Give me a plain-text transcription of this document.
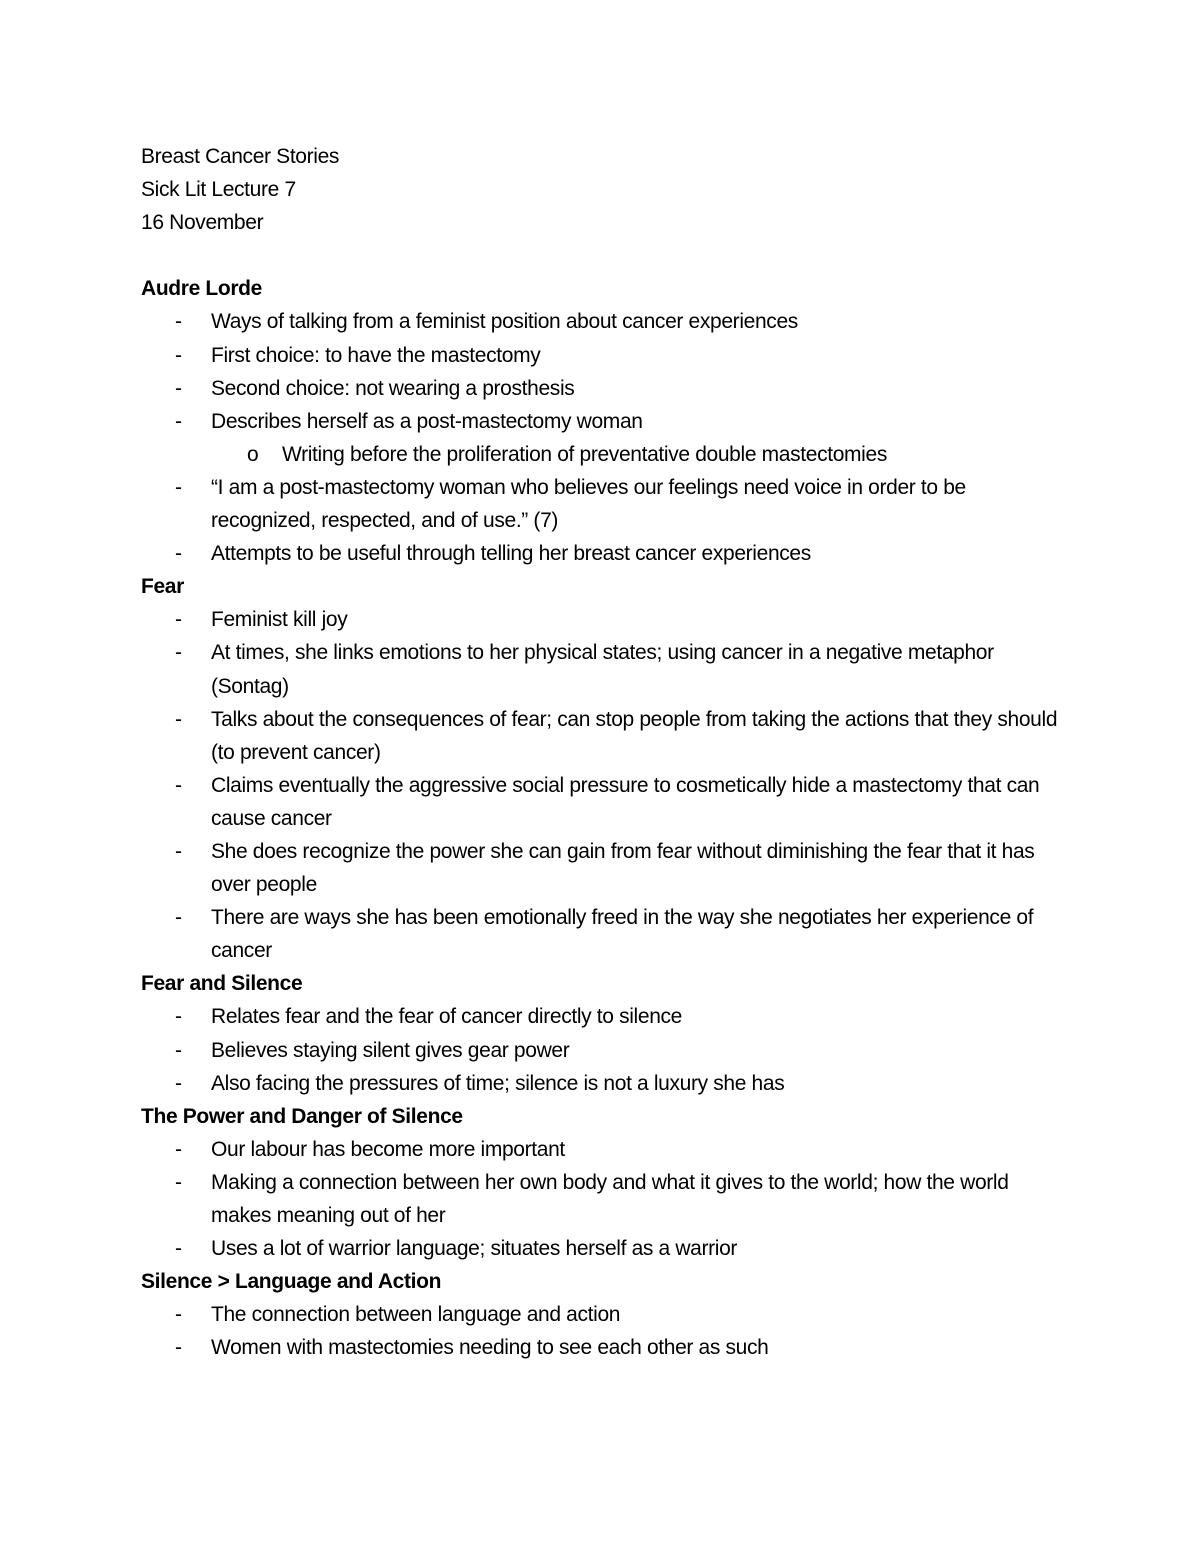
Breast Cancer Stories

Sick Lit Lecture 7

16 November

Audre Lorde

- Ways of talking from a feminist position about cancer experiences
- First choice: to have the mastectomy
- Second choice: not wearing a prosthesis
- Describes herself as a post-mastectomy woman
o Writing before the proliferation of preventative double mastectomies
- “I am a post-mastectomy woman who believes our feelings need voice in order to be recognized, respected, and of use.” (7)
- Attempts to be useful through telling her breast cancer experiences

Fear

- Feminist kill joy
- At times, she links emotions to her physical states; using cancer in a negative metaphor (Sontag)
- Talks about the consequences of fear; can stop people from taking the actions that they should (to prevent cancer)
- Claims eventually the aggressive social pressure to cosmetically hide a mastectomy that can cause cancer
- She does recognize the power she can gain from fear without diminishing the fear that it has over people
- There are ways she has been emotionally freed in the way she negotiates her experience of cancer

Fear and Silence

- Relates fear and the fear of cancer directly to silence
- Believes staying silent gives gear power
- Also facing the pressures of time; silence is not a luxury she has

The Power and Danger of Silence

- Our labour has become more important
- Making a connection between her own body and what it gives to the world; how the world makes meaning out of her
- Uses a lot of warrior language; situates herself as a warrior

Silence > Language and Action

- The connection between language and action
- Women with mastectomies needing to see each other as such
